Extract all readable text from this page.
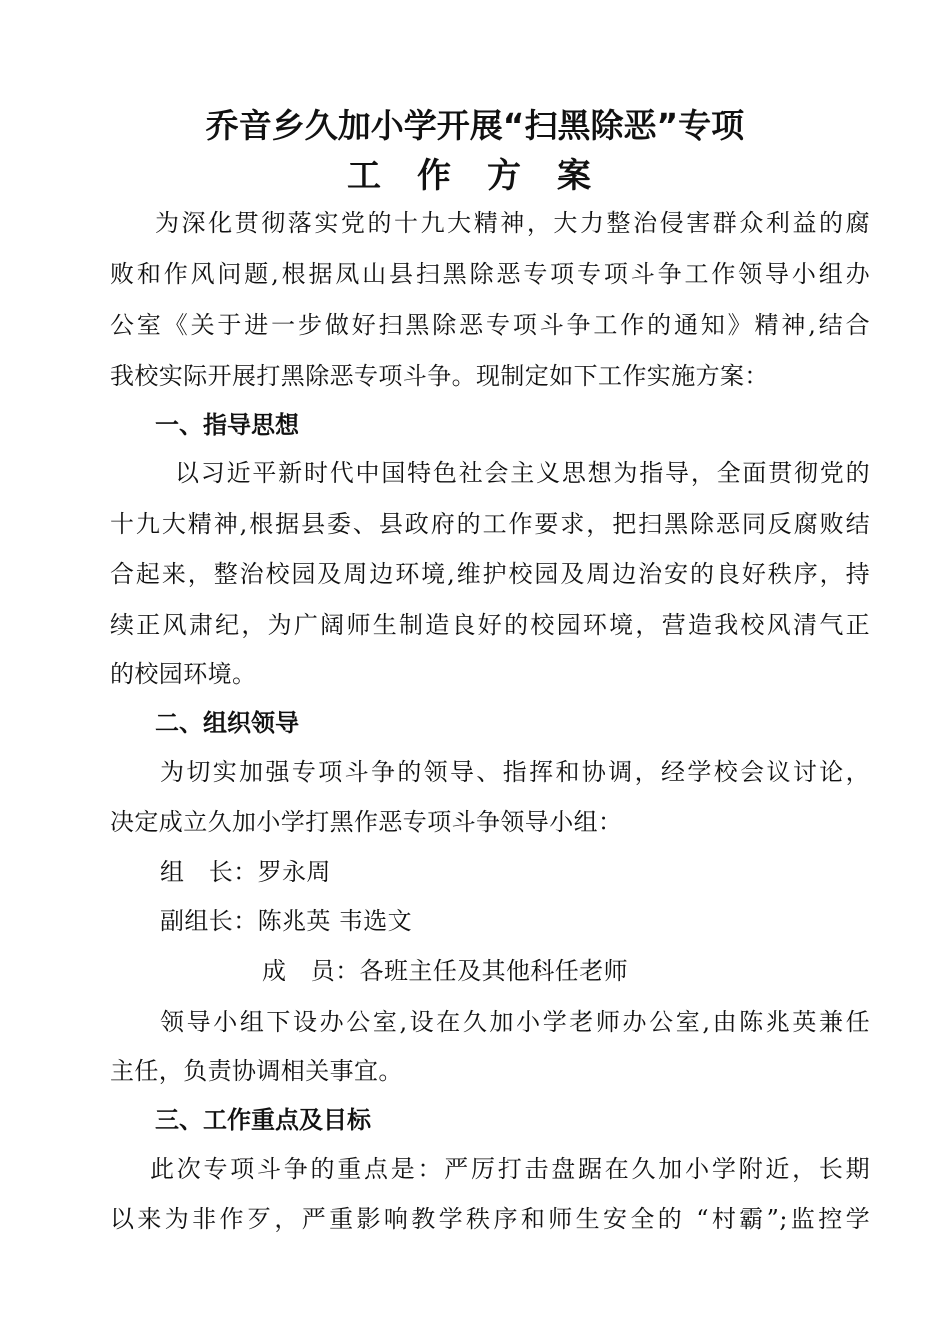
乔音乡久加小学开展“扫黑除恶”专项
工作方案
为深化贯彻落实党的十九大精神，大力整治侵害群众利益的腐
败和作风问题,根据凤山县扫黑除恶专项专项斗争工作领导小组办
公室《关于进一步做好扫黑除恶专项斗争工作的通知》精神,结合
我校实际开展打黑除恶专项斗争。现制定如下工作实施方案：
一、指导思想
以习近平新时代中国特色社会主义思想为指导，全面贯彻党的
十九大精神,根据县委、县政府的工作要求，把扫黑除恶同反腐败结
合起来，整治校园及周边环境,维护校园及周边治安的良好秩序，持
续正风肃纪，为广阔师生制造良好的校园环境，营造我校风清气正
的校园环境。
二、组织领导
为切实加强专项斗争的领导、指挥和协调，经学校会议讨论，
决定成立久加小学打黑作恶专项斗争领导小组：
组　长：罗永周
副组长：陈兆英 韦选文
成　员：各班主任及其他科任老师
领导小组下设办公室,设在久加小学老师办公室,由陈兆英兼任
主任，负责协调相关事宜。
三、工作重点及目标
此次专项斗争的重点是：严厉打击盘踞在久加小学附近，长期
以来为非作歹，严重影响教学秩序和师生安全的 “村霸”;监控学
